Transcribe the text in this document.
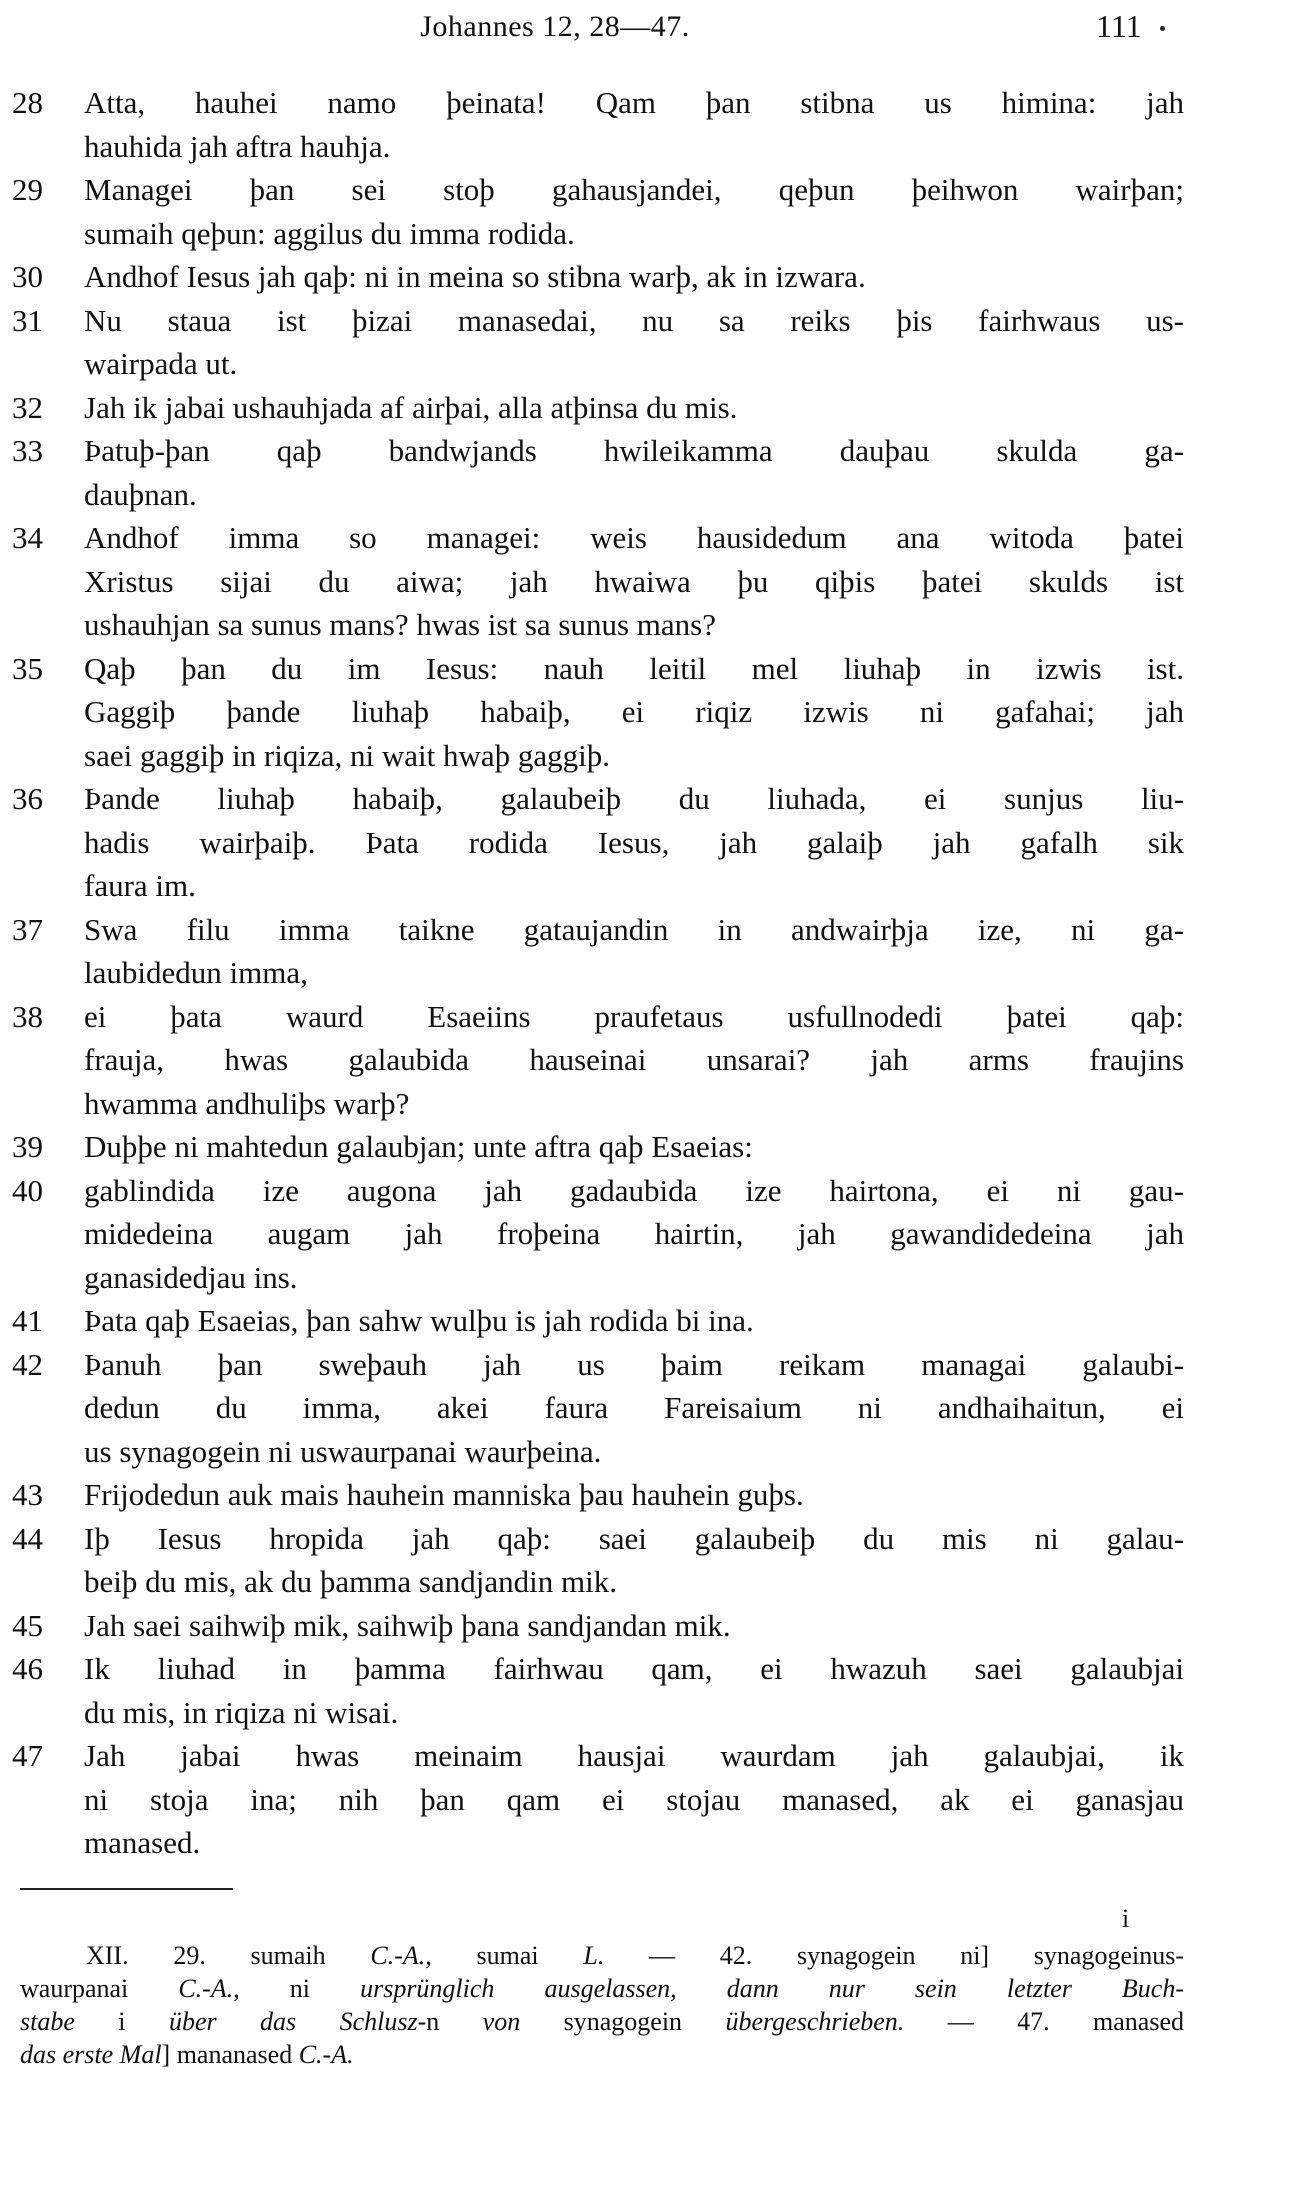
Johannes 12, 28—47.	111
28	Atta, hauhei namo þeinata! Qam þan stibna us himina: jah
hauhida jah aftra hauhja.
29	Managei þan sei stoþ gahausjandei, qeþun þeihwon wairþan;
sumaih qeþun: aggilus du imma rodida.
30	Andhof Iesus jah qaþ: ni in meina so stibna warþ, ak in izwara.
31	Nu staua ist þizai manasedai, nu sa reiks þis fairhwaus us-
wairpada ut.
32	Jah ik jabai ushauhjada af airþai, alla atþinsa du mis.
33	Þatuþ-þan qaþ bandwjands hwileikamma dauþau skulda ga-
dauþnan.
34	Andhof imma so managei: weis hausidedum ana witoda þatei
Xristus sijai du aiwa; jah hwaiwa þu qiþis þatei skulds ist
ushauhjan sa sunus mans? hwas ist sa sunus mans?
35	Qaþ þan du im Iesus: nauh leitil mel liuhaþ in izwis ist.
Gaggiþ þande liuhaþ habaiþ, ei riqiz izwis ni gafahai; jah
saei gaggiþ in riqiza, ni wait hwaþ gaggiþ.
36	Þande liuhaþ habaiþ, galaubeiþ du liuhada, ei sunjus liu-
hadis wairþaiþ. Þata rodida Iesus, jah galaiþ jah gafalh sik
faura im.
37	Swa filu imma taikne gataujandin in andwairþja ize, ni ga-
laubidedun imma,
38	ei þata waurd Esaeiins praufetaus usfullnodedi þatei qaþ:
frauja, hwas galaubida hauseinai unsarai? jah arms fraujins
hwamma andhuliþs warþ?
39	Duþþe ni mahtedun galaubjan; unte aftra qaþ Esaeias:
40	gablindida ize augona jah gadaubida ize hairtona, ei ni gau-
midedeina augam jah froþeina hairtin, jah gawandidedeina jah
ganasidedjau ins.
41	Þata qaþ Esaeias, þan sahw wulþu is jah rodida bi ina.
42	Þanuh þan sweþauh jah us þaim reikam managai galaubi-
dedun du imma, akei faura Fareisaium ni andhaihaitun, ei
us synagogein ni uswaurpanai waurþeina.
43	Frijodedun auk mais hauhein manniska þau hauhein guþs.
44	Iþ Iesus hropida jah qaþ: saei galaubeiþ du mis ni galau-
beiþ du mis, ak du þamma sandjandin mik.
45	Jah saei saihwiþ mik, saihwiþ þana sandjandan mik.
46	Ik liuhad in þamma fairhwau qam, ei hwazuh saei galaubjai
du mis, in riqiza ni wisai.
47	Jah jabai hwas meinaim hausjai waurdam jah galaubjai, ik
ni stoja ina; nih þan qam ei stojau manased, ak ei ganasjau
manased.
i
XII. 29. sumaih C.-A., sumai L. — 42. synagogein ni] synagogeinus-
waurpanai C.-A., ni ursprünglich ausgelassen, dann nur sein letzter Buch-
stabe i über das Schlusz-n von synagogein übergeschrieben. — 47. manased
das erste Mal] mananased C.-A.
